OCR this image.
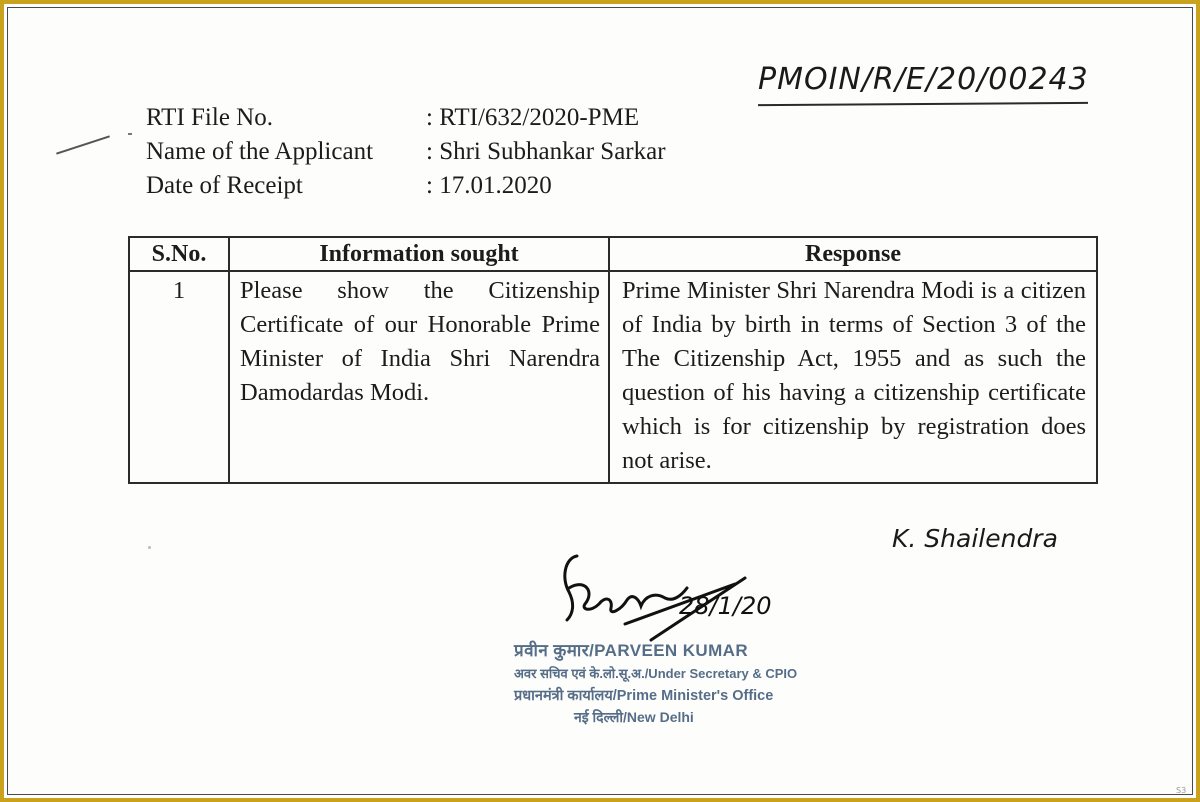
PMOIN/R/E/20/00243
RTI File No.	: RTI/632/2020-PME
Name of the Applicant	: Shri Subhankar Sarkar
Date of Receipt	: 17.01.2020
S.No.	Information sought	Response
1	Please show the Citizenship Certificate of our Honorable Prime Minister of India Shri Narendra Damodardas Modi.	Prime Minister Shri Narendra Modi is a citizen of India by birth in terms of Section 3 of the The Citizenship Act, 1955 and as such the question of his having a citizenship certificate which is for citizenship by registration does not arise.
K. Shailendra
28/1/20
प्रवीन कुमार/PARVEEN KUMAR
अवर सचिव एवं के.लो.सू.अ./Under Secretary & CPIO
प्रधानमंत्री कार्यालय/Prime Minister's Office
नई दिल्ली/New Delhi
S3
